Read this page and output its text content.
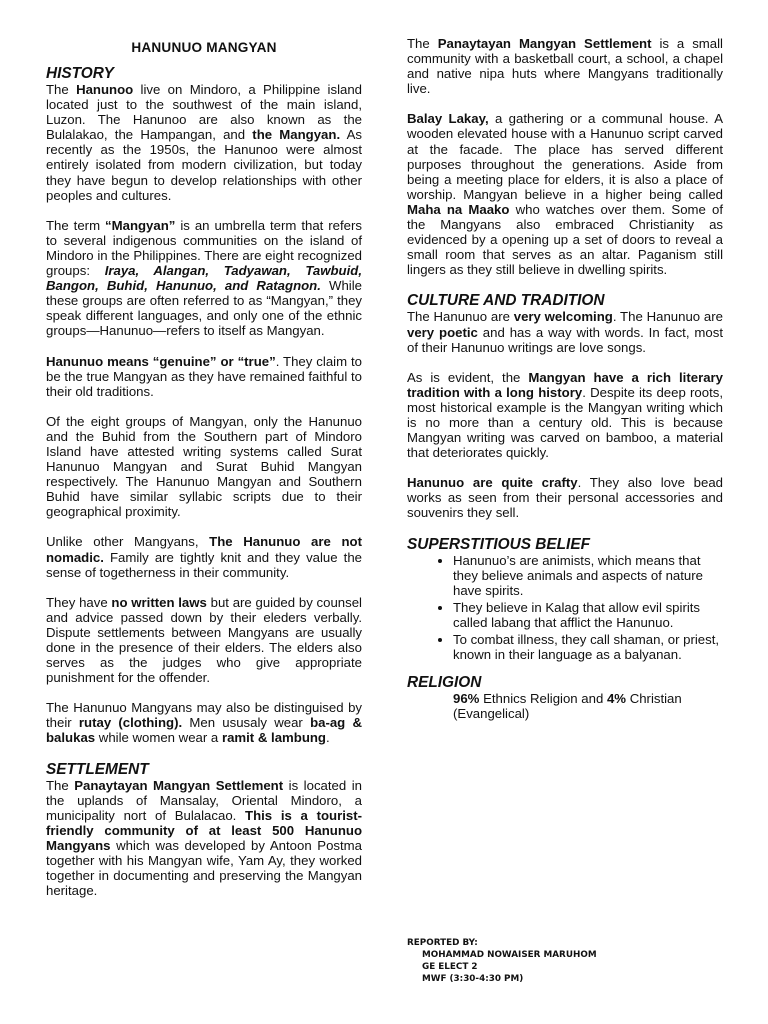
HANUNUO MANGYAN
HISTORY

The Hanunoo live on Mindoro, a Philippine island located just to the southwest of the main island, Luzon. The Hanunoo are also known as the Bulalakao, the Hampangan, and the Mangyan. As recently as the 1950s, the Hanunoo were almost entirely isolated from modern civilization, but today they have begun to develop relationships with other peoples and cultures.

The term “Mangyan” is an umbrella term that refers to several indigenous communities on the island of Mindoro in the Philippines. There are eight recognized groups: Iraya, Alangan, Tadyawan, Tawbuid, Bangon, Buhid, Hanunuo, and Ratagnon. While these groups are often referred to as “Mangyan,” they speak different languages, and only one of the ethnic groups—Hanunuo—refers to itself as Mangyan.

Hanunuo means “genuine” or “true”. They claim to be the true Mangyan as they have remained faithful to their old traditions.

Of the eight groups of Mangyan, only the Hanunuo and the Buhid from the Southern part of Mindoro Island have attested writing systems called Surat Hanunuo Mangyan and Surat Buhid Mangyan respectively. The Hanunuo Mangyan and Southern Buhid have similar syllabic scripts due to their geographical proximity.

Unlike other Mangyans, The Hanunuo are not nomadic. Family are tightly knit and they value the sense of togetherness in their community.

They have no written laws but are guided by counsel and advice passed down by their eleders verbally. Dispute settlements between Mangyans are usually done in the presence of their elders. The elders also serves as the judges who give appropriate punishment for the offender.

The Hanunuo Mangyans may also be distinguised by their rutay (clothing). Men ususaly wear ba-ag & balukas while women wear a ramit & lambung.

SETTLEMENT

The Panaytayan Mangyan Settlement is located in the uplands of Mansalay, Oriental Mindoro, a municipality nort of Bulalacao. This is a tourist-friendly community of at least 500 Hanunuo Mangyans which was developed by Antoon Postma together with his Mangyan wife, Yam Ay, they worked together in documenting and preserving the Mangyan heritage.

The Panaytayan Mangyan Settlement is a small community with a basketball court, a school, a chapel and native nipa huts where Mangyans traditionally live.

Balay Lakay, a gathering or a communal house. A wooden elevated house with a Hanunuo script carved at the facade. The place has served different purposes throughout the generations. Aside from being a meeting place for elders, it is also a place of worship. Mangyan believe in a higher being called Maha na Maako who watches over them. Some of the Mangyans also embraced Christianity as evidenced by a opening up a set of doors to reveal a small room that serves as an altar. Paganism still lingers as they still believe in dwelling spirits.

CULTURE AND TRADITION

The Hanunuo are very welcoming. The Hanunuo are very poetic and has a way with words. In fact, most of their Hanunuo writings are love songs.

As is evident, the Mangyan have a rich literary tradition with a long history. Despite its deep roots, most historical example is the Mangyan writing which is no more than a century old. This is because Mangyan writing was carved on bamboo, a material that deteriorates quickly.

Hanunuo are quite crafty. They also love bead works as seen from their personal accessories and souvenirs they sell.

SUPERSTITIOUS BELIEF
• Hanunuo’s are animists, which means that they believe animals and aspects of nature have spirits.
• They believe in Kalag that allow evil spirits called labang that afflict the Hanunuo.
• To combat illness, they call shaman, or priest, known in their language as a balyanan.
RELIGION
96% Ethnics Religion and 4% Christian (Evangelical)
REPORTED BY:
MOHAMMAD NOWAISER MARUHOM
GE ELECT 2
MWF (3:30-4:30 PM)
